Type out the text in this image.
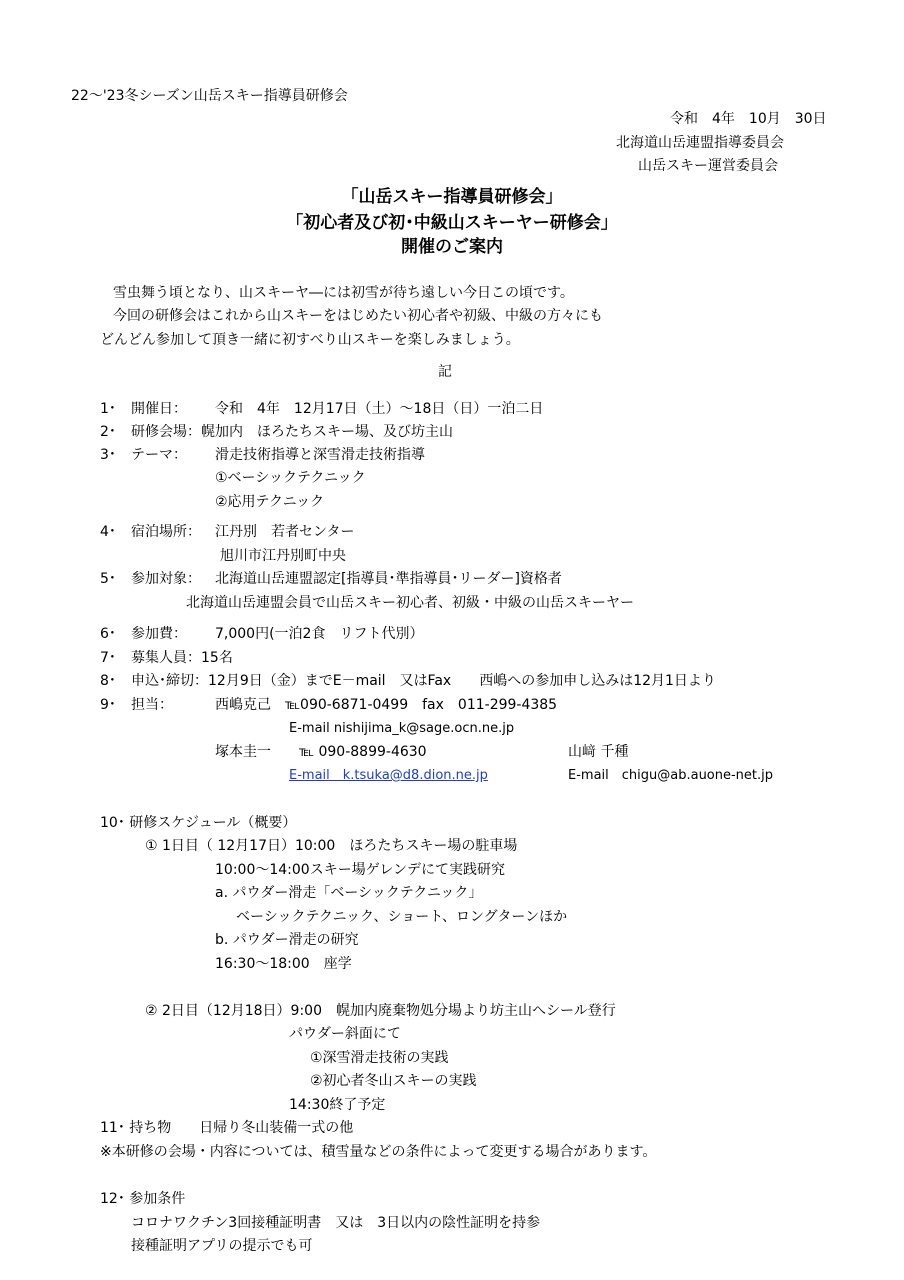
22～'23冬シーズン山岳スキー指導員研修会
令和　4年　10月　30日
北海道山岳連盟指導委員会
山岳スキー運営委員会
「山岳スキー指導員研修会」
「初心者及び初･中級山スキーヤー研修会」
開催のご案内
雪虫舞う頃となり、山スキーヤ―には初雪が待ち遠しい今日この頃です。
今回の研修会はこれから山スキーをはじめたい初心者や初級、中級の方々にも
どんどん参加して頂き一緒に初すべり山スキーを楽しみましょう。
記
1･ 開催日： 令和　4年　12月17日（土）～18日（日）一泊二日
2･ 研修会場：幌加内　ほろたちスキー場、及び坊主山
3･ テーマ： 滑走技術指導と深雪滑走技術指導
①ベーシックテクニック
②応用テクニック
4･ 宿泊場所： 江丹別　若者センター
旭川市江丹別町中央
5･ 参加対象： 北海道山岳連盟認定[指導員･準指導員･リーダー]資格者
北海道山岳連盟会員で山岳スキー初心者、初級・中級の山岳スキーヤー
6･ 参加費： 7,000円(一泊2食　リフト代別）
7･ 募集人員：15名
8･ 申込･締切：12月9日（金）までE－mail　又はFax　　西嶋への参加申し込みは12月1日より
9･ 担当：	西嶋克己　℡090-6871-0499　fax　011-299-4385
E-mail nishijima_k@sage.ocn.ne.jp
塚本圭一　　℡ 090-8899-4630	山﨑 千種
E-mail　k.tsuka@d8.dion.ne.jp	E-mail　chigu@ab.auone-net.jp
10･ 研修スケジュール（概要）
① 1日目（ 12月17日）10:00　ほろたちスキー場の駐車場
10:00～14:00スキー場ゲレンデにて実践研究
a. パウダー滑走「ベーシックテクニック」
ベーシックテクニック、ショート、ロングターンほか
b. パウダー滑走の研究
16:30～18:00　座学
② 2日目（12月18日）9:00　幌加内廃棄物処分場より坊主山へシール登行
パウダー斜面にて
①深雪滑走技術の実践
②初心者冬山スキーの実践
14:30終了予定
11･ 持ち物　　日帰り冬山装備一式の他
※本研修の会場・内容については、積雪量などの条件によって変更する場合があります。
12･ 参加条件
コロナワクチン3回接種証明書　又は　3日以内の陰性証明を持参
接種証明アプリの提示でも可
